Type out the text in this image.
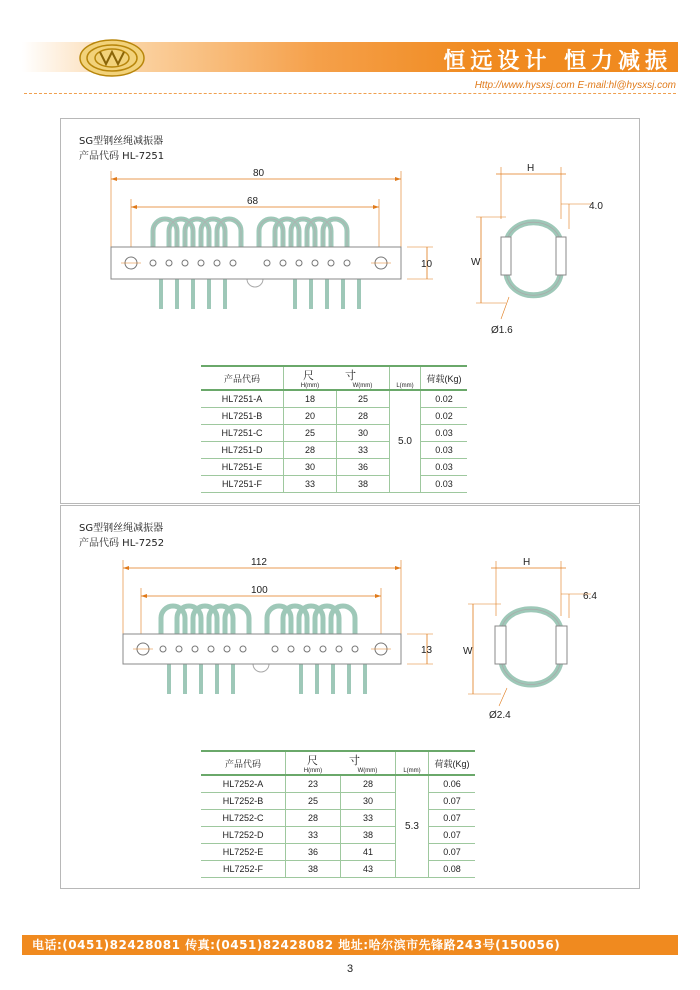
恒远设计 恒力减振
Http://www.hysxsj.com E-mail:hl@hysxsj.com
SG型钢丝绳减振器
产品代码 HL-7251
80
68
10
H
4.0
W
Ø1.6
产品代码	尺 寸
H(mm) W(mm)		L(mm)	荷载(Kg)
HL7251-A	18	25	5.0	0.02
HL7251-B	20	28		0.02
HL7251-C	25	30		0.03
HL7251-D	28	33		0.03
HL7251-E	30	36		0.03
HL7251-F	33	38		0.03
SG型钢丝绳减振器
产品代码 HL-7252
112
100
13
H
6.4
W
Ø2.4
产品代码	尺 寸
H(mm) W(mm)		L(mm)	荷载(Kg)
HL7252-A	23	28	5.3	0.06
HL7252-B	25	30		0.07
HL7252-C	28	33		0.07
HL7252-D	33	38		0.07
HL7252-E	36	41		0.07
HL7252-F	38	43		0.08
电话:(0451)82428081 传真:(0451)82428082 地址:哈尔滨市先锋路243号(150056)
3
